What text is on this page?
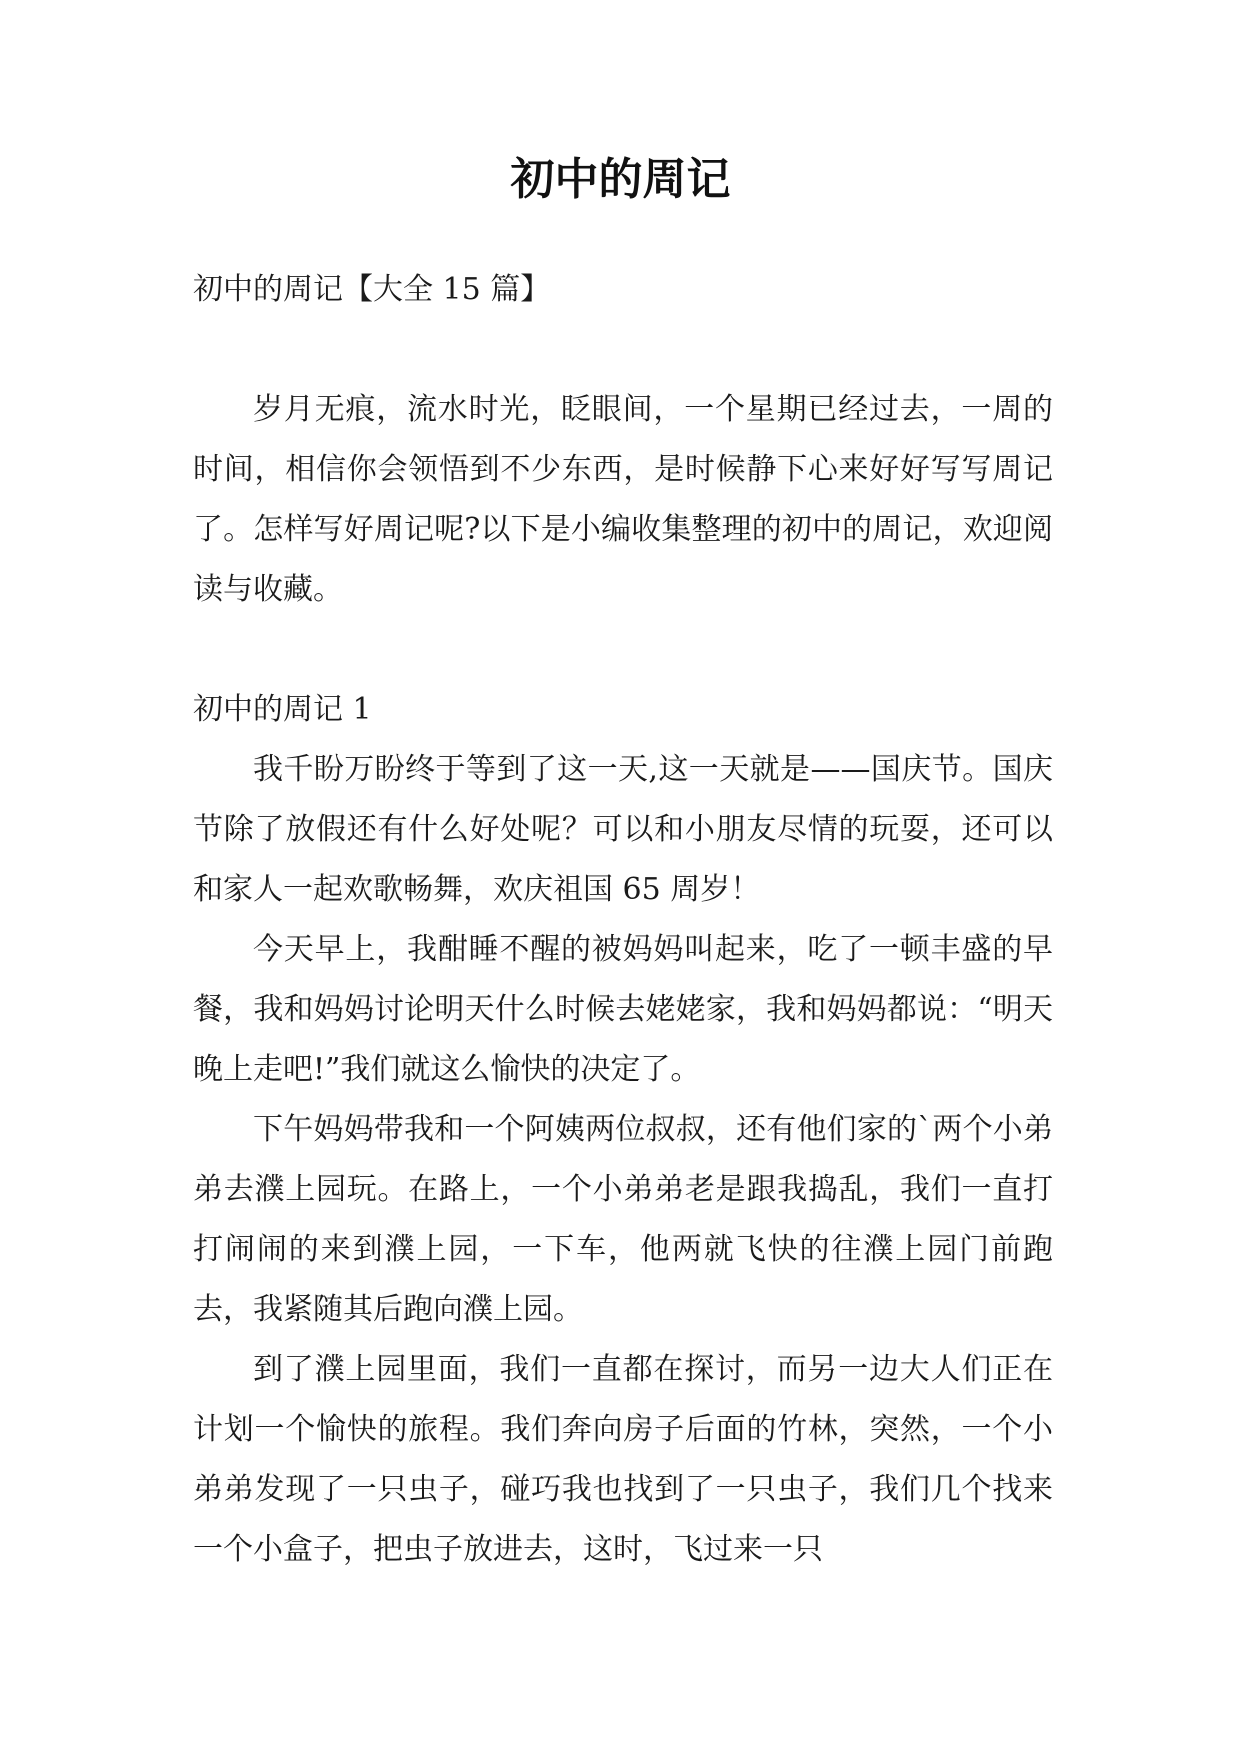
初中的周记

初中的周记【大全 15 篇】

岁月无痕，流水时光，眨眼间，一个星期已经过去，一周的时间，相信你会领悟到不少东西，是时候静下心来好好写写周记了。怎样写好周记呢?以下是小编收集整理的初中的周记，欢迎阅读与收藏。

初中的周记 1

我千盼万盼终于等到了这一天,这一天就是——国庆节。国庆节除了放假还有什么好处呢？可以和小朋友尽情的玩耍，还可以和家人一起欢歌畅舞，欢庆祖国 65 周岁！

今天早上，我酣睡不醒的被妈妈叫起来，吃了一顿丰盛的早餐，我和妈妈讨论明天什么时候去姥姥家，我和妈妈都说：“明天晚上走吧!”我们就这么愉快的决定了。

下午妈妈带我和一个阿姨两位叔叔，还有他们家的`两个小弟弟去濮上园玩。在路上，一个小弟弟老是跟我捣乱，我们一直打打闹闹的来到濮上园，一下车，他两就飞快的往濮上园门前跑去，我紧随其后跑向濮上园。

到了濮上园里面，我们一直都在探讨，而另一边大人们正在计划一个愉快的旅程。我们奔向房子后面的竹林，突然，一个小弟弟发现了一只虫子，碰巧我也找到了一只虫子，我们几个找来一个小盒子，把虫子放进去，这时，飞过来一只
